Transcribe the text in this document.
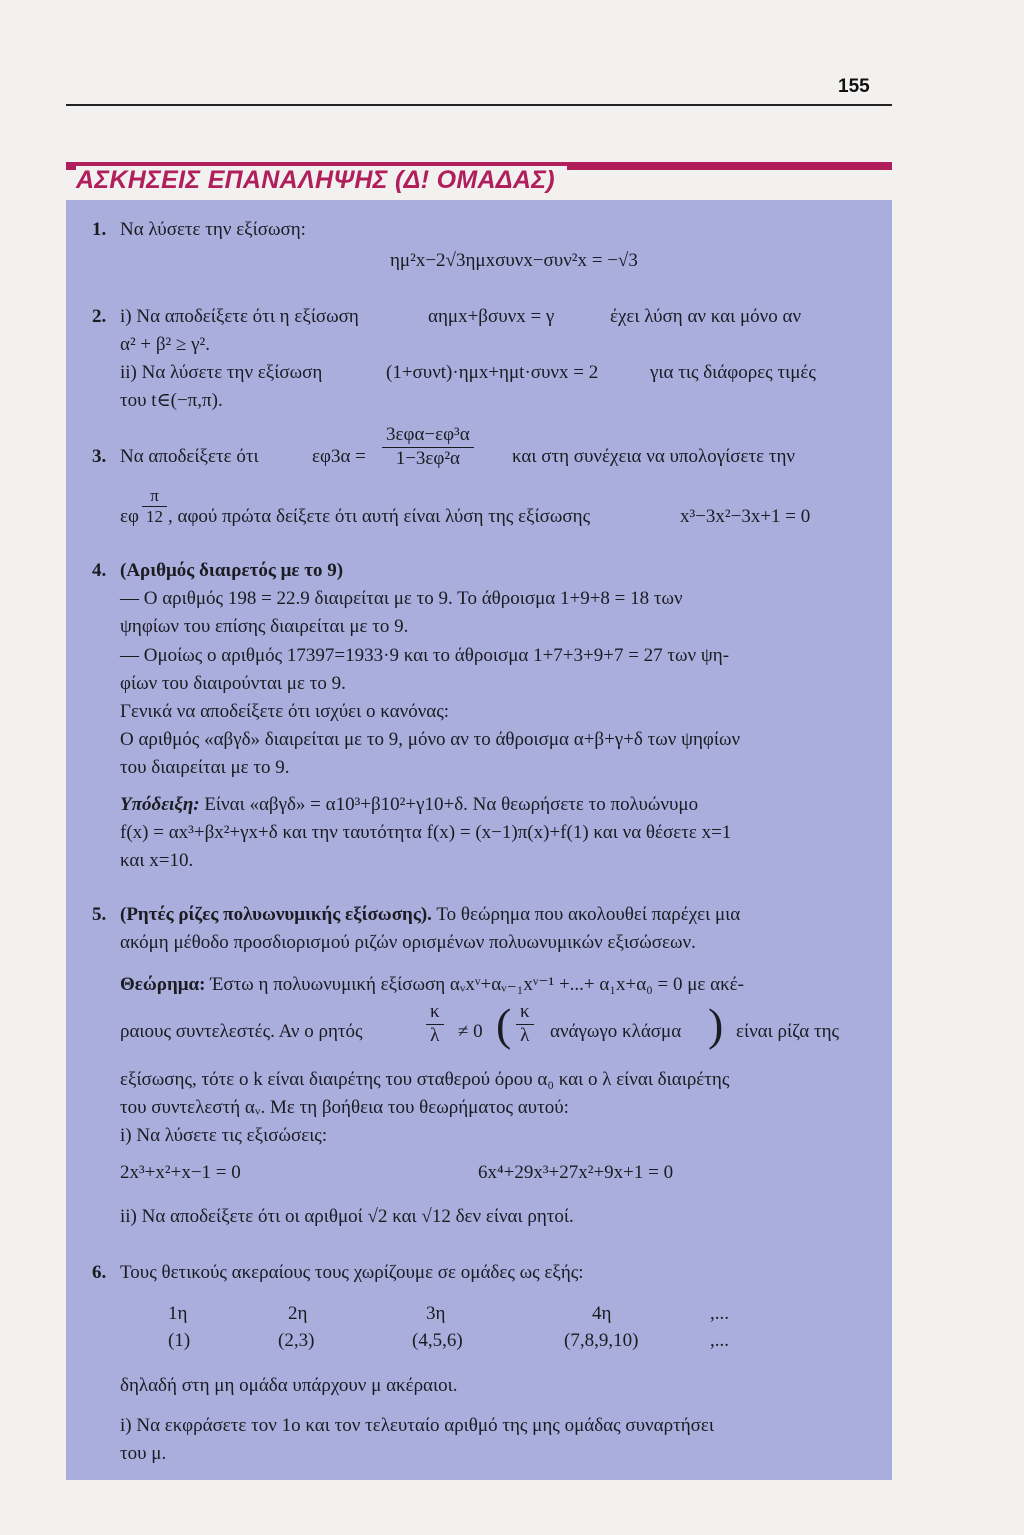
155
ΑΣΚΗΣΕΙΣ ΕΠΑΝΑΛΗΨΗΣ (Δ! ΟΜΑΔΑΣ)
1. Να λύσετε την εξίσωση:
ημ²x−2√3ημxσυνx−συν²x = −√3
2. i) Να αποδείξετε ότι η εξίσωση	αημx+βσυνx = γ	έχει λύση αν και μόνο αν
α² + β² ≥ γ².
ii) Να λύσετε την εξίσωση	(1+συνt)·ημx+ημt·συνx = 2	για τις διάφορες τιμές
του t∈(−π,π).
3. Να αποδείξετε ότι	$\varepsilon\varphi 3\alpha = \frac{\text{3εφα−εφ³α}}{\text{1−3εφ²α}}$ και στη συνέχεια να υπολογίσετε την
εφ $\frac{\pi}{12}$ , αφού πρώτα δείξετε ότι αυτή είναι λύση της εξίσωσης	x³−3x²−3x+1 = 0
4. (Αριθμός διαιρετός με το 9)
— Ο αριθμός 198 = 22.9 διαιρείται με το 9. Το άθροισμα 1+9+8 = 18 των
ψηφίων του επίσης διαιρείται με το 9.
— Ομοίως ο αριθμός 17397=1933·9 και το άθροισμα 1+7+3+9+7 = 27 των ψη-
φίων του διαιρούνται με το 9.
Γενικά να αποδείξετε ότι ισχύει ο κανόνας:
Ο αριθμός «αβγδ» διαιρείται με το 9, μόνο αν το άθροισμα α+β+γ+δ των ψηφίων
του διαιρείται με το 9.
Υπόδειξη: Είναι «αβγδ» = α10³+β10²+γ10+δ. Να θεωρήσετε το πολυώνυμο
f(x) = αx³+βx²+γx+δ και την ταυτότητα f(x) = (x−1)π(x)+f(1) και να θέσετε x=1
και x=10.
5. (Ρητές ρίζες πολυωνυμικής εξίσωσης). Το θεώρημα που ακολουθεί παρέχει μια
ακόμη μέθοδο προσδιορισμού ριζών ορισμένων πολυωνυμικών εξισώσεων.
Θεώρημα: Έστω η πολυωνυμική εξίσωση αᵥxᵛ+αᵥ₋₁xᵛ⁻¹ +...+ α₁x+α₀ = 0 με ακέ-
ραιους συντελεστές. Αν ο ρητός	$\frac{\kappa}{\lambda} \ne 0$ ( $\frac{\kappa}{\lambda}$ ανάγωγο κλάσμα ) είναι ρίζα της
εξίσωσης, τότε ο k είναι διαιρέτης του σταθερού όρου α₀ και ο λ είναι διαιρέτης
του συντελεστή αᵥ. Με τη βοήθεια του θεωρήματος αυτού:
i) Να λύσετε τις εξισώσεις:
2x³+x²+x−1 = 0	6x⁴+29x³+27x²+9x+1 = 0
ii) Να αποδείξετε ότι οι αριθμοί √2 και √12 δεν είναι ρητοί.
6. Τους θετικούς ακεραίους τους χωρίζουμε σε ομάδες ως εξής:
1η	2η	3η	4η	,...
(1)	(2,3)	(4,5,6)	(7,8,9,10)	,...
δηλαδή στη μη ομάδα υπάρχουν μ ακέραιοι.
i) Να εκφράσετε τον 1ο και τον τελευταίο αριθμό της μης ομάδας συναρτήσει
του μ.
